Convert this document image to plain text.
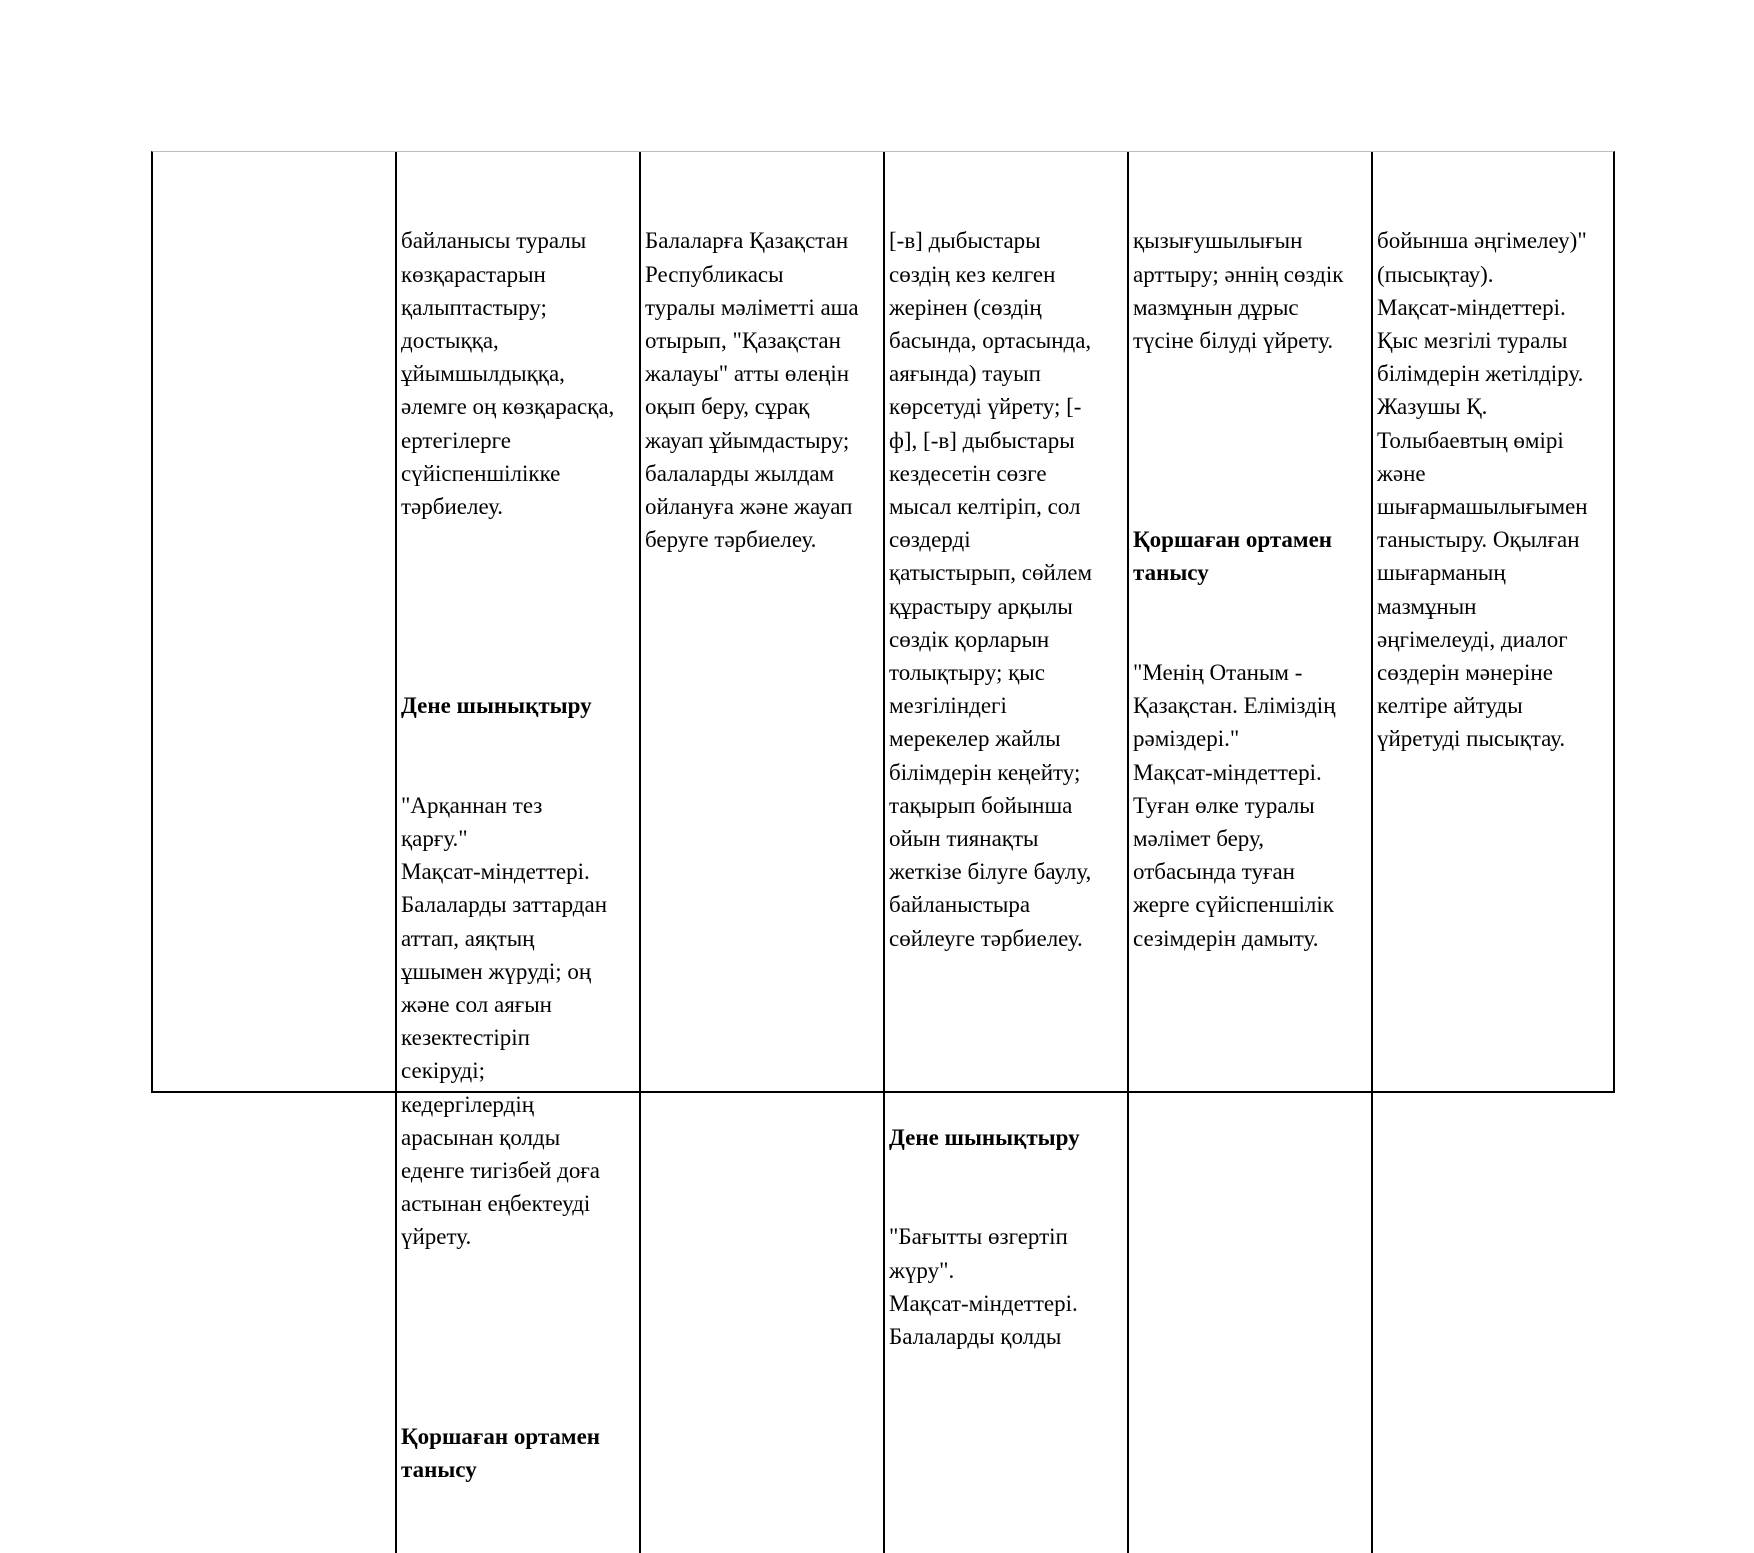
байланысы туралы
көзқарастарын
қалыптастыру;
достыққа,
ұйымшылдыққа,
әлемге оң көзқарасқа,
ертегілерге
сүйіспеншілікке
тәрбиелеу.

Дене шынықтыру

"Арқаннан тез
қарғу."
Мақсат-міндеттері.
Балаларды заттардан
аттап, аяқтың
ұшымен жүруді; оң
және сол аяғын
кезектестіріп
секіруді;
кедергілердің
арасынан қолды
еденге тигізбей доға
астынан еңбектеуді
үйрету.

Қоршаған ортамен
танысу

Балаларға Қазақстан
Республикасы
туралы мәліметті аша
отырып, "Қазақстан
жалауы" атты өлеңін
оқып беру, сұрақ
жауап ұйымдастыру;
балаларды жылдам
ойлануға және жауап
беруге тәрбиелеу.

[-в] дыбыстары
сөздің кез келген
жерінен (сөздің
басында, ортасында,
аяғында) тауып
көрсетуді үйрету; [-
ф], [-в] дыбыстары
кездесетін сөзге
мысал келтіріп, сол
сөздерді
қатыстырып, сөйлем
құрастыру арқылы
сөздік қорларын
толықтыру; қыс
мезгіліндегі
мерекелер жайлы
білімдерін кеңейту;
тақырып бойынша
ойын тиянақты
жеткізе білуге баулу,
байланыстыра
сөйлеуге тәрбиелеу.

Дене шынықтыру

"Бағытты өзгертіп
жүру".
Мақсат-міндеттері.
Балаларды қолды

қызығушылығын
арттыру; әннің сөздік
мазмұнын дұрыс
түсіне білуді үйрету.

Қоршаған ортамен
танысу

"Менің Отаным -
Қазақстан. Еліміздің
рәміздері."
Мақсат-міндеттері.
Туған өлке туралы
мәлімет беру,
отбасында туған
жерге сүйіспеншілік
сезімдерін дамыту.

бойынша әңгімелеу)"
(пысықтау).
Мақсат-міндеттері.
Қыс мезгілі туралы
білімдерін жетілдіру.
Жазушы Қ.
Толыбаевтың өмірі
және
шығармашылығымен
таныстыру. Оқылған
шығарманың
мазмұнын
әңгімелеуді, диалог
сөздерін мәнеріне
келтіре айтуды
үйретуді пысықтау.
